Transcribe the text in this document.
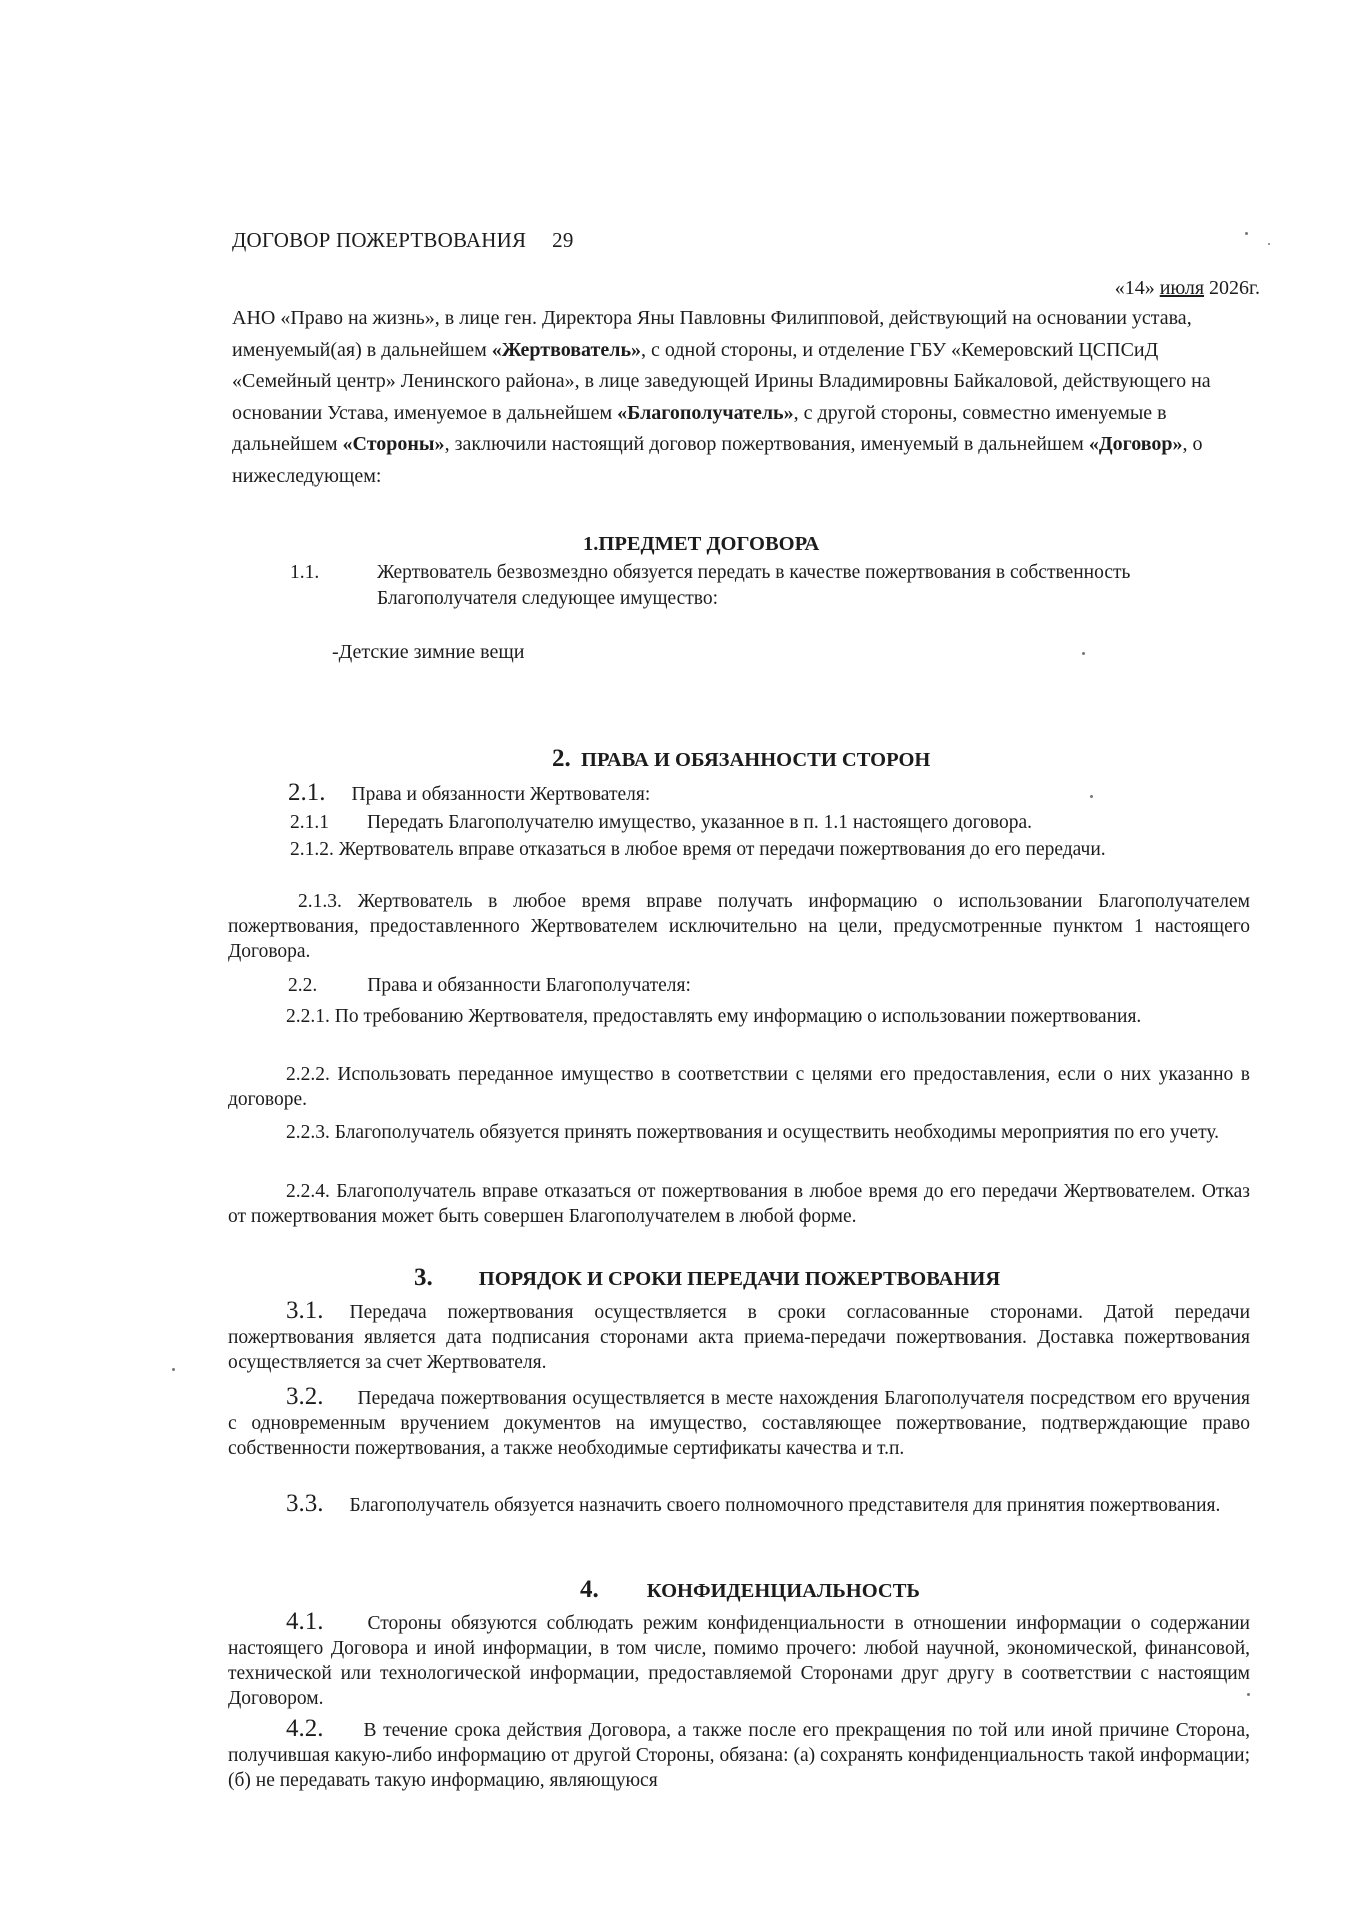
ДОГОВОР ПОЖЕРТВОВАНИЯ 29
«14» июля 2026г.
АНО «Право на жизнь», в лице ген. Директора Яны Павловны Филипповой, действующий на основании устава, именуемый(ая) в дальнейшем «Жертвователь», с одной стороны, и отделение ГБУ «Кемеровский ЦСПСиД «Семейный центр» Ленинского района», в лице заведующей Ирины Владимировны Байкаловой, действующего на основании Устава, именуемое в дальнейшем «Благополучатель», с другой стороны, совместно именуемые в дальнейшем «Стороны», заключили настоящий договор пожертвования, именуемый в дальнейшем «Договор», о нижеследующем:
1.ПРЕДМЕТ ДОГОВОРА
1.1.	Жертвователь безвозмездно обязуется передать в качестве пожертвования в собственность Благополучателя следующее имущество:
-Детские зимние вещи
2. ПРАВА И ОБЯЗАННОСТИ СТОРОН
2.1. Права и обязанности Жертвователя:
2.1.1 Передать Благополучателю имущество, указанное в п. 1.1 настоящего договора.
2.1.2. Жертвователь вправе отказаться в любое время от передачи пожертвования до его передачи.
2.1.3. Жертвователь в любое время вправе получать информацию о использовании Благополучателем пожертвования, предоставленного Жертвователем исключительно на цели, предусмотренные пунктом 1 настоящего Договора.
2.2.	Права и обязанности Благополучателя:
2.2.1. По требованию Жертвователя, предоставлять ему информацию о использовании пожертвования.
2.2.2. Использовать переданное имущество в соответствии с целями его предоставления, если о них указанно в договоре.
2.2.3. Благополучатель обязуется принять пожертвования и осуществить необходимы мероприятия по его учету.
2.2.4. Благополучатель вправе отказаться от пожертвования в любое время до его передачи Жертвователем. Отказ от пожертвования может быть совершен Благополучателем в любой форме.
3. ПОРЯДОК И СРОКИ ПЕРЕДАЧИ ПОЖЕРТВОВАНИЯ
3.1. Передача пожертвования осуществляется в сроки согласованные сторонами. Датой передачи пожертвования является дата подписания сторонами акта приема-передачи пожертвования. Доставка пожертвования осуществляется за счет Жертвователя.
3.2. Передача пожертвования осуществляется в месте нахождения Благополучателя посредством его вручения с одновременным вручением документов на имущество, составляющее пожертвование, подтверждающие право собственности пожертвования, а также необходимые сертификаты качества и т.п.
3.3. Благополучатель обязуется назначить своего полномочного представителя для принятия пожертвования.
4. КОНФИДЕНЦИАЛЬНОСТЬ
4.1. Стороны обязуются соблюдать режим конфиденциальности в отношении информации о содержании настоящего Договора и иной информации, в том числе, помимо прочего: любой научной, экономической, финансовой, технической или технологической информации, предоставляемой Сторонами друг другу в соответствии с настоящим Договором.
4.2. В течение срока действия Договора, а также после его прекращения по той или иной причине Сторона, получившая какую-либо информацию от другой Стороны, обязана: (а) сохранять конфиденциальность такой информации; (б) не передавать такую информацию, являющуюся
